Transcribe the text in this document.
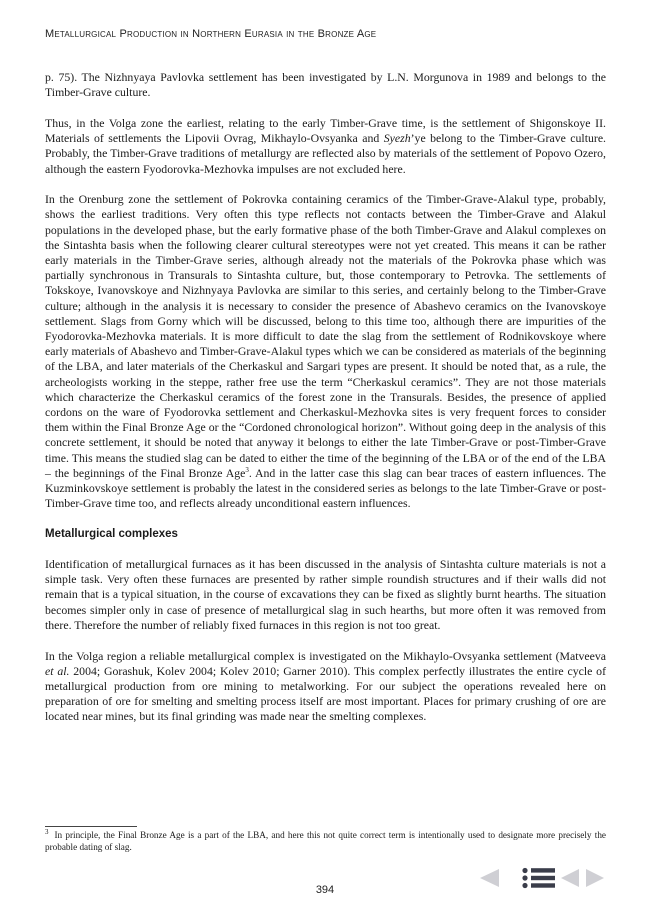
Metallurgical Production in Northern Eurasia in the Bronze Age

p. 75). The Nizhnyaya Pavlovka settlement has been investigated by L.N. Morgunova in 1989 and belongs to the Timber-Grave culture.

Thus, in the Volga zone the earliest, relating to the early Timber-Grave time, is the settlement of Shigonskoye II. Materials of settlements the Lipovii Ovrag, Mikhaylo-Ovsyanka and Syezh’ye belong to the Timber-Grave culture. Probably, the Timber-Grave traditions of metallurgy are reflected also by materials of the settlement of Popovo Ozero, although the eastern Fyodorovka-Mezhovka impulses are not excluded here.

In the Orenburg zone the settlement of Pokrovka containing ceramics of the Timber-Grave-Alakul type, probably, shows the earliest traditions. Very often this type reflects not contacts between the Timber-Grave and Alakul populations in the developed phase, but the early formative phase of the both Timber-Grave and Alakul complexes on the Sintashta basis when the following clearer cultural stereotypes were not yet created. This means it can be rather early materials in the Timber-Grave series, although already not the materials of the Pokrovka phase which was partially synchronous in Transurals to Sintashta culture, but, those contemporary to Petrovka. The settlements of Tokskoye, Ivanovskoye and Nizhnyaya Pavlovka are similar to this series, and certainly belong to the Timber-Grave culture; although in the analysis it is necessary to consider the presence of Abashevo ceramics on the Ivanovskoye settlement. Slags from Gorny which will be discussed, belong to this time too, although there are impurities of the Fyodorovka-Mezhovka materials. It is more difficult to date the slag from the settlement of Rodnikovskoye where early materials of Abashevo and Timber-Grave-Alakul types which we can be considered as materials of the beginning of the LBA, and later materials of the Cherkaskul and Sargari types are present. It should be noted that, as a rule, the archeologists working in the steppe, rather free use the term “Cherkaskul ceramics”. They are not those materials which characterize the Cherkaskul ceramics of the forest zone in the Transurals. Besides, the presence of applied cordons on the ware of Fyodorovka settlement and Cherkaskul-Mezhovka sites is very frequent forces to consider them within the Final Bronze Age or the “Cordoned chronological horizon”. Without going deep in the analysis of this concrete settlement, it should be noted that anyway it belongs to either the late Timber-Grave or post-Timber-Grave time. This means the studied slag can be dated to either the time of the beginning of the LBA or of the end of the LBA – the beginnings of the Final Bronze Age$^3$. And in the latter case this slag can bear traces of eastern influences. The Kuzminkovskoye settlement is probably the latest in the considered series as belongs to the late Timber-Grave or post-Timber-Grave time too, and reflects already unconditional eastern influences.

Metallurgical complexes

Identification of metallurgical furnaces as it has been discussed in the analysis of Sintashta culture materials is not a simple task. Very often these furnaces are presented by rather simple roundish structures and if their walls did not remain that is a typical situation, in the course of excavations they can be fixed as slightly burnt hearths. The situation becomes simpler only in case of presence of metallurgical slag in such hearths, but more often it was removed from there. Therefore the number of reliably fixed furnaces in this region is not too great.

In the Volga region a reliable metallurgical complex is investigated on the Mikhaylo-Ovsyanka settlement (Matveeva et al. 2004; Gorashuk, Kolev 2004; Kolev 2010; Garner 2010). This complex perfectly illustrates the entire cycle of metallurgical production from ore mining to metalworking. For our subject the operations revealed here on preparation of ore for smelting and smelting process itself are most important. Places for primary crushing of ore are located near mines, but its final grinding was made near the smelting complexes.

$^3$ In principle, the Final Bronze Age is a part of the LBA, and here this not quite correct term is intentionally used to designate more precisely the probable dating of slag.
394
